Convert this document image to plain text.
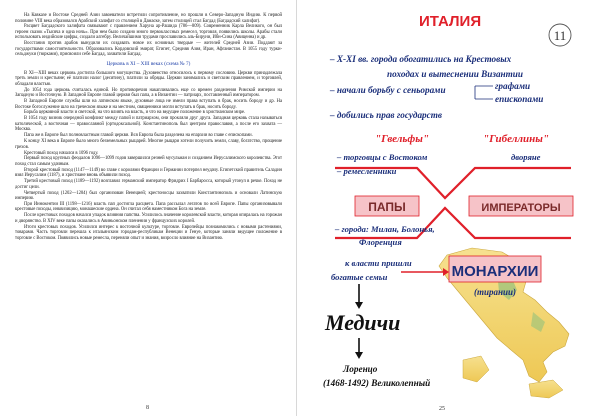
На Кавказе и Востоке Средней Азии завоеватели встретили сопротивление, но прошли в Северо-Западную Индию. К первой половине VIII века образовался Арабский халифат со столицей в Дамаске, затем столицей стал Багдад (Багдадский халифат).

Расцвет Багдадского халифата связывают с правлением Харуна ар-Рашида (786—809). Современник Карла Великого, он был героем сказок «Тысяча и одна ночь». При нем было создано много первоклассных ремесел, торговля, появились школы. Арабы стали использовать индийские цифры, создали алгебру. Величайшими трудами прославились аль-Бируни, Ибн-Сина (Авиценна) и др.

Восстания против арабов вынудили их создавать новое их основных твердые — жителей Средней Азии. Поддают за государствами самостоятельности. Образовались Кордовский эмират, Египет, Средняя Азия, Иран, Афганистан. В 1055 году турки-сельджуки (тюрками), присвоили себе Багдад, захватили Багдад.

Церковь в XI – XIII веках (схема № 7)

В XI—XIII веках церковь достигла большого могущества. Духовенство относилось к первому сословию. Церкви принадлежала треть земли и крестьяне; её платили налог (десятину), платили за обряды. Церкви занимались и светским правлением, и торговлей, обладали властью.

До 1054 года церковь считалась единой. Но противоречия накапливались еще со времен разделения Римской империи на Западную и Восточную. В Западной Европе главой церкви был папа, а в Византии — патриарх, поставленный императором.

В Западной Европе службы шли на латинском языке, духовные лица не имели права вступать в брак, носить бороду и др. На Востоке богослужение шло на греческом языке и на местном, священники могли вступать в брак, носить бороду.

Борьба церковной власти и светской, на что влиять на власть, и что на ведущее положение в христианском мире.

В 1054 году возник очередной конфликт между папой и патриархом, они прокляли друг друга. Западная церковь стала называться католической, а восточная — православной (ортодоксальной). Константинополь был центром православия, а после его захвата — Москва.

Папа же в Европе был полновластным главой церкви. Вся Европа была разделена на епархии во главе с епископами.

К концу XI века в Европе было много безземельных рыцарей. Многие рыцари хотели получить земли, славу, богатство, прощение грехов.

Крестовый поход начался в 1096 году.

Первый поход крупных феодалов 1096—1099 годов завершился резней мусульман и созданием Иерусалимского королевства. Этот поход стал самым удачным.

Второй крестовый поход (1147—1149) во главе с королями Франции и Германии потерпел неудачу. Египетский правитель Саладин взял Иерусалим (1187), и христиане вновь объявили поход.

Третий крестовый поход (1189—1192) возглавил германский император Фридрих I Барбаросса, который утонул в речке. Поход не достиг цели.

Четвертый поход (1202—1204) был организован Венецией; крестоносцы захватили Константинополь и основали Латинскую империю.

При Иннокентии III (1198—1216) власть пап достигла расцвета. Папа рассылал легатов по всей Европе. Папы организовывали крестовые походы, инквизицию, монашеские ордена. Он считал себя наместником Бога на земле.

После крестовых походов начался упадок влияния папства. Усилилось значение королевской власти, которая опиралась на горожан и дворянство. В XIV веке папы оказались в Авиньонском пленении у французских королей.

Итоги крестовых походов. Усилился интерес к восточной культуре, торговле. Европейцы познакомились с новыми растениями, товарами. Часть торговли перешла к итальянским городам-республикам Венеции и Генуе, которые заняли ведущее положение в торговле с Востоком. Появились новые ремесла, переняли опыт и знания, возросло влияние на Византию.

8
ИТАЛИЯ
11
– X-XI вв. города обогатились на Крестовых
походах и вытеснении Византии
– начали борьбу с сеньорами	графами
епископами
– добились прав государств
"Гвельфы"	"Гибеллины"
– торговцы с Востоком
– ремесленники
дворяне
ПАПЫ	ИМПЕРАТОРЫ
– города: Милан, Болонья,
Флоренция
к власти пришли
богатые семьи	МОНАРХИИ
(тирании)
Медичи
Лоренцо
(1468-1492) Великолепный
25
